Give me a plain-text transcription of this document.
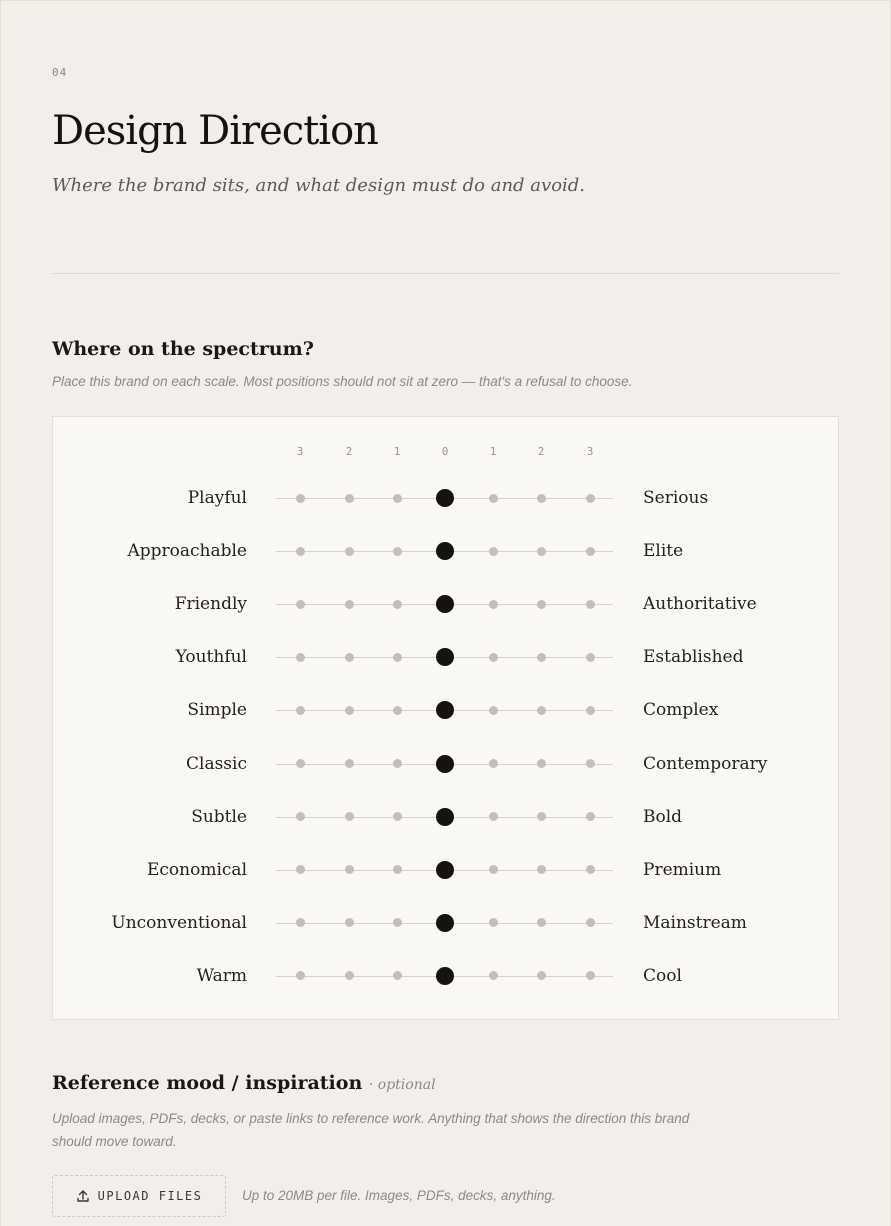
04
Design Direction
Where the brand sits, and what design must do and avoid.
Where on the spectrum?
Place this brand on each scale. Most positions should not sit at zero — that's a refusal to choose.
3	2	1	0	1	2	3
Playful	Serious
Approachable	Elite
Friendly	Authoritative
Youthful	Established
Simple	Complex
Classic	Contemporary
Subtle	Bold
Economical	Premium
Unconventional	Mainstream
Warm	Cool
Reference mood / inspiration · optional
Upload images, PDFs, decks, or paste links to reference work. Anything that shows the direction this brand
should move toward.
UPLOAD FILES	Up to 20MB per file. Images, PDFs, decks, anything.
